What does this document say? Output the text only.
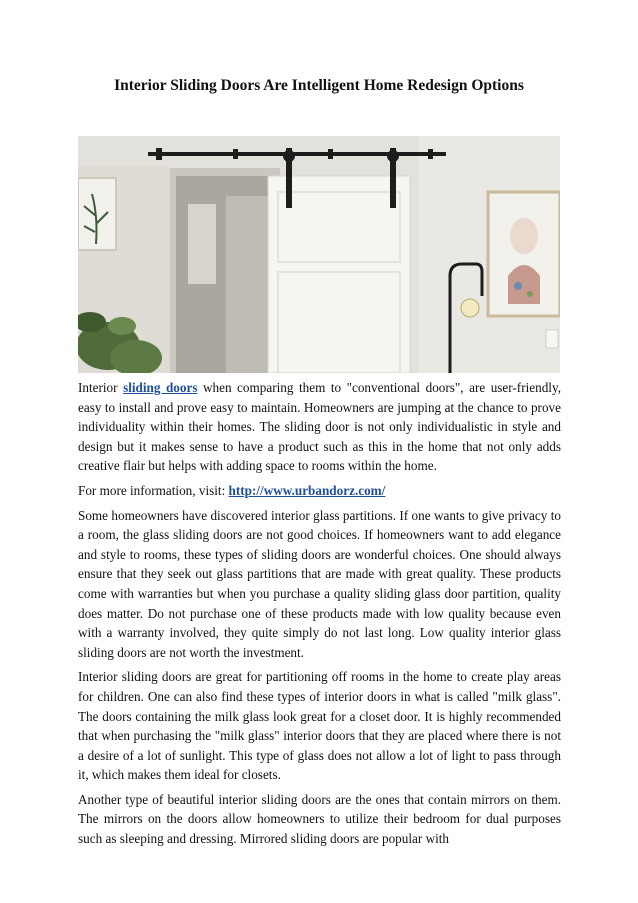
Interior Sliding Doors Are Intelligent Home Redesign Options

Interior sliding doors when comparing them to "conventional doors", are user-friendly, easy to install and prove easy to maintain. Homeowners are jumping at the chance to prove individuality within their homes. The sliding door is not only individualistic in style and design but it makes sense to have a product such as this in the home that not only adds creative flair but helps with adding space to rooms within the home.

For more information, visit: http://www.urbandorz.com/

Some homeowners have discovered interior glass partitions. If one wants to give privacy to a room, the glass sliding doors are not good choices. If homeowners want to add elegance and style to rooms, these types of sliding doors are wonderful choices. One should always ensure that they seek out glass partitions that are made with great quality. These products come with warranties but when you purchase a quality sliding glass door partition, quality does matter. Do not purchase one of these products made with low quality because even with a warranty involved, they quite simply do not last long. Low quality interior glass sliding doors are not worth the investment.

Interior sliding doors are great for partitioning off rooms in the home to create play areas for children. One can also find these types of interior doors in what is called "milk glass". The doors containing the milk glass look great for a closet door. It is highly recommended that when purchasing the "milk glass" interior doors that they are placed where there is not a desire of a lot of sunlight. This type of glass does not allow a lot of light to pass through it, which makes them ideal for closets.

Another type of beautiful interior sliding doors are the ones that contain mirrors on them. The mirrors on the doors allow homeowners to utilize their bedroom for dual purposes such as sleeping and dressing. Mirrored sliding doors are popular with
